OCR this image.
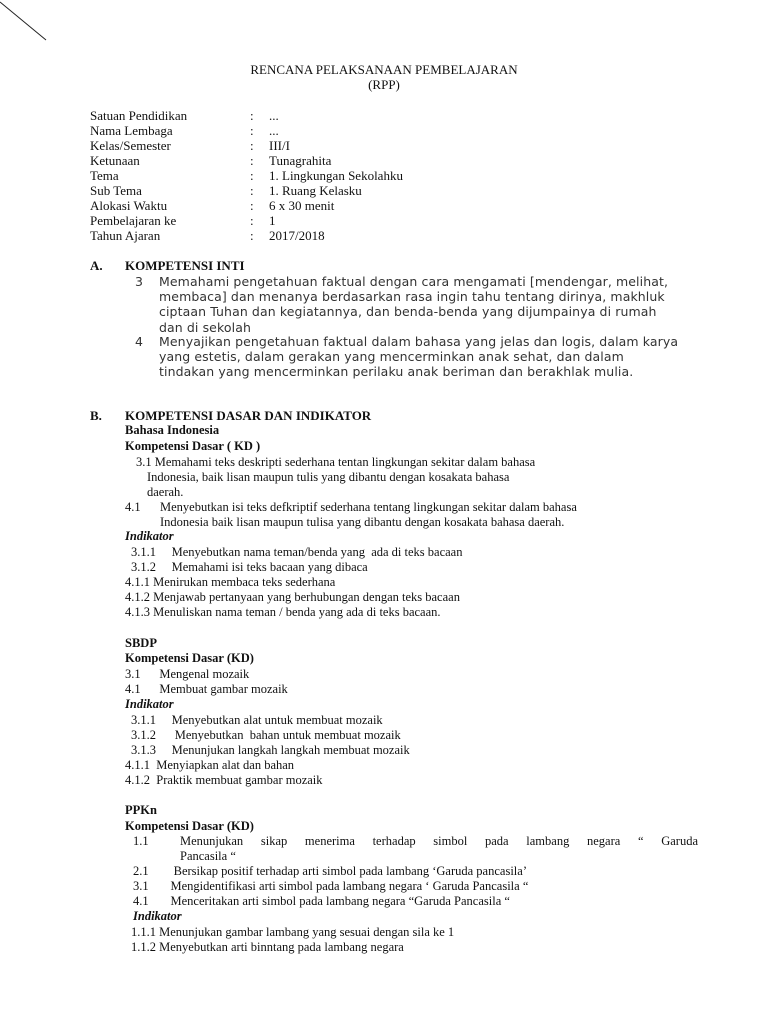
RENCANA PELAKSANAAN PEMBELAJARAN
(RPP)
Satuan Pendidikan	: ...
Nama Lembaga	: ...
Kelas/Semester	: III/I
Ketunaan	: Tunagrahita
Tema	: 1. Lingkungan Sekolahku
Sub Tema	: 1. Ruang Kelasku
Alokasi Waktu	: 6 x 30 menit
Pembelajaran ke	: 1
Tahun Ajaran	: 2017/2018
A. KOMPETENSI INTI
3 Memahami pengetahuan faktual dengan cara mengamati [mendengar, melihat, membaca] dan menanya berdasarkan rasa ingin tahu tentang dirinya, makhluk ciptaan Tuhan dan kegiatannya, dan benda-benda yang dijumpainya di rumah dan di sekolah
4 Menyajikan pengetahuan faktual dalam bahasa yang jelas dan logis, dalam karya yang estetis, dalam gerakan yang mencerminkan anak sehat, dan dalam tindakan yang mencerminkan perilaku anak beriman dan berakhlak mulia.
B. KOMPETENSI DASAR DAN INDIKATOR
Bahasa Indonesia
Kompetensi Dasar ( KD )
3.1 Memahami teks deskripti sederhana tentan lingkungan sekitar dalam bahasa
Indonesia, baik lisan maupun tulis yang dibantu dengan kosakata bahasa
daerah.
4.1 Menyebutkan isi teks defkriptif sederhana tentang lingkungan sekitar dalam bahasa
Indonesia baik lisan maupun tulisa yang dibantu dengan kosakata bahasa daerah.
Indikator
3.1.1     Menyebutkan nama teman/benda yang  ada di teks bacaan
3.1.2     Memahami isi teks bacaan yang dibaca
4.1.1 Menirukan membaca teks sederhana
4.1.2 Menjawab pertanyaan yang berhubungan dengan teks bacaan
4.1.3 Menuliskan nama teman / benda yang ada di teks bacaan.
SBDP
Kompetensi Dasar (KD)
3.1      Mengenal mozaik
4.1      Membuat gambar mozaik
Indikator
3.1.1     Menyebutkan alat untuk membuat mozaik
3.1.2      Menyebutkan  bahan untuk membuat mozaik
3.1.3     Menunjukan langkah langkah membuat mozaik
4.1.1  Menyiapkan alat dan bahan
4.1.2  Praktik membuat gambar mozaik
PPKn
Kompetensi Dasar (KD)
1.1	Menunjukan sikap menerima terhadap simbol pada lambang negara “ Garuda
Pancasila “
2.1        Bersikap positif terhadap arti simbol pada lambang ‘Garuda pancasila’
3.1       Mengidentifikasi arti simbol pada lambang negara ‘ Garuda Pancasila “
4.1       Menceritakan arti simbol pada lambang negara “Garuda Pancasila “
Indikator
1.1.1 Menunjukan gambar lambang yang sesuai dengan sila ke 1
1.1.2 Menyebutkan arti binntang pada lambang negara
